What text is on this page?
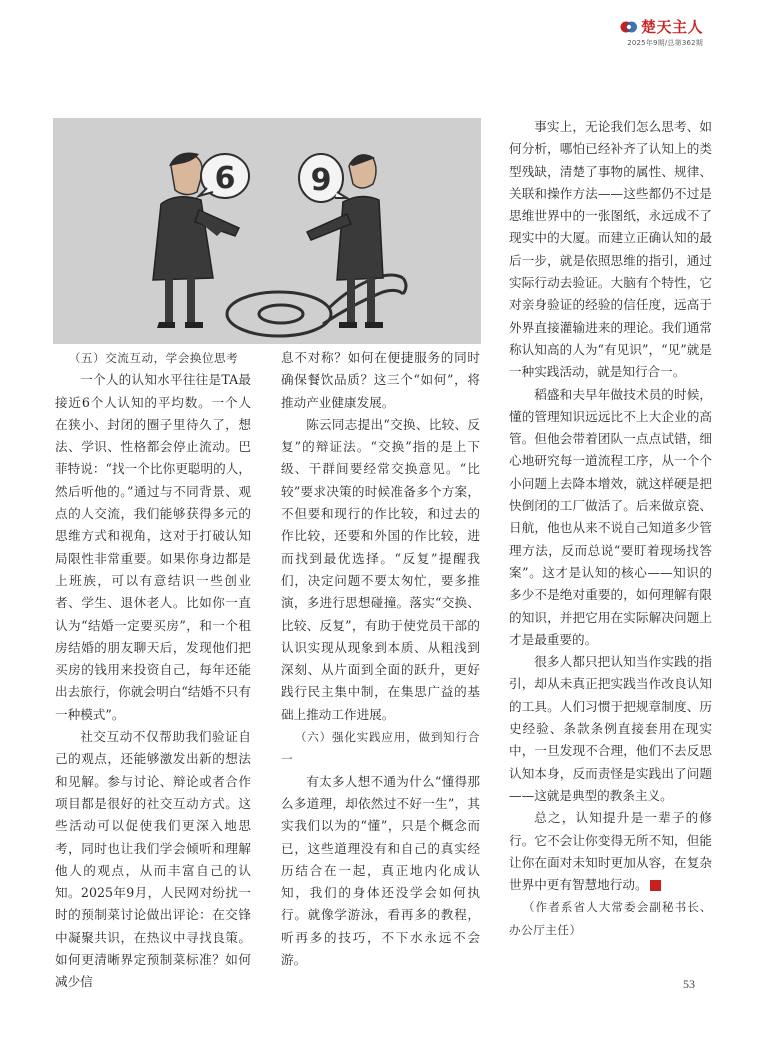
楚天主人
2025年9期/总第362期
6	9

（五）交流互动，学会换位思考

一个人的认知水平往往是TA最接近6个人认知的平均数。一个人在狭小、封闭的圈子里待久了，想法、学识、性格都会停止流动。巴菲特说：“找一个比你更聪明的人，然后听他的。”通过与不同背景、观点的人交流，我们能够获得多元的思维方式和视角，这对于打破认知局限性非常重要。如果你身边都是上班族，可以有意结识一些创业者、学生、退休老人。比如你一直认为“结婚一定要买房”，和一个租房结婚的朋友聊天后，发现他们把买房的钱用来投资自己，每年还能出去旅行，你就会明白“结婚不只有一种模式”。

社交互动不仅帮助我们验证自己的观点，还能够激发出新的想法和见解。参与讨论、辩论或者合作项目都是很好的社交互动方式。这些活动可以促使我们更深入地思考，同时也让我们学会倾听和理解他人的观点，从而丰富自己的认知。2025年9月，人民网对纷扰一时的预制菜讨论做出评论：在交锋中凝聚共识，在热议中寻找良策。如何更清晰界定预制菜标准？如何减少信

息不对称？如何在便捷服务的同时确保餐饮品质？这三个“如何”，将推动产业健康发展。

陈云同志提出“交换、比较、反复”的辩证法。“交换”指的是上下级、干群间要经常交换意见。“比较”要求决策的时候准备多个方案，不但要和现行的作比较，和过去的作比较，还要和外国的作比较，进而找到最优选择。“反复”提醒我们，决定问题不要太匆忙，要多推演，多进行思想碰撞。落实“交换、比较、反复”，有助于使党员干部的认识实现从现象到本质、从粗浅到深刻、从片面到全面的跃升，更好践行民主集中制，在集思广益的基础上推动工作进展。

（六）强化实践应用，做到知行合一

有太多人想不通为什么“懂得那么多道理，却依然过不好一生”，其实我们以为的“懂”，只是个概念而已，这些道理没有和自己的真实经历结合在一起，真正地内化成认知，我们的身体还没学会如何执行。就像学游泳，看再多的教程，听再多的技巧，不下水永远不会游。

事实上，无论我们怎么思考、如何分析，哪怕已经补齐了认知上的类型残缺，清楚了事物的属性、规律、关联和操作方法——这些都仍不过是思维世界中的一张图纸，永远成不了现实中的大厦。而建立正确认知的最后一步，就是依照思维的指引，通过实际行动去验证。大脑有个特性，它对亲身验证的经验的信任度，远高于外界直接灌输进来的理论。我们通常称认知高的人为“有见识”，“见”就是一种实践活动，就是知行合一。

稻盛和夫早年做技术员的时候，懂的管理知识远远比不上大企业的高管。但他会带着团队一点点试错，细心地研究每一道流程工序，从一个个小问题上去降本增效，就这样硬是把快倒闭的工厂做活了。后来做京瓷、日航，他也从来不说自己知道多少管理方法，反而总说“要盯着现场找答案”。这才是认知的核心——知识的多少不是绝对重要的，如何理解有限的知识，并把它用在实际解决问题上才是最重要的。

很多人都只把认知当作实践的指引，却从未真正把实践当作改良认知的工具。人们习惯于把规章制度、历史经验、条款条例直接套用在现实中，一旦发现不合理，他们不去反思认知本身，反而责怪是实践出了问题——这就是典型的教条主义。

总之，认知提升是一辈子的修行。它不会让你变得无所不知，但能让你在面对未知时更加从容，在复杂世界中更有智慧地行动。	E

（作者系省人大常委会副秘书长、办公厅主任）

53
